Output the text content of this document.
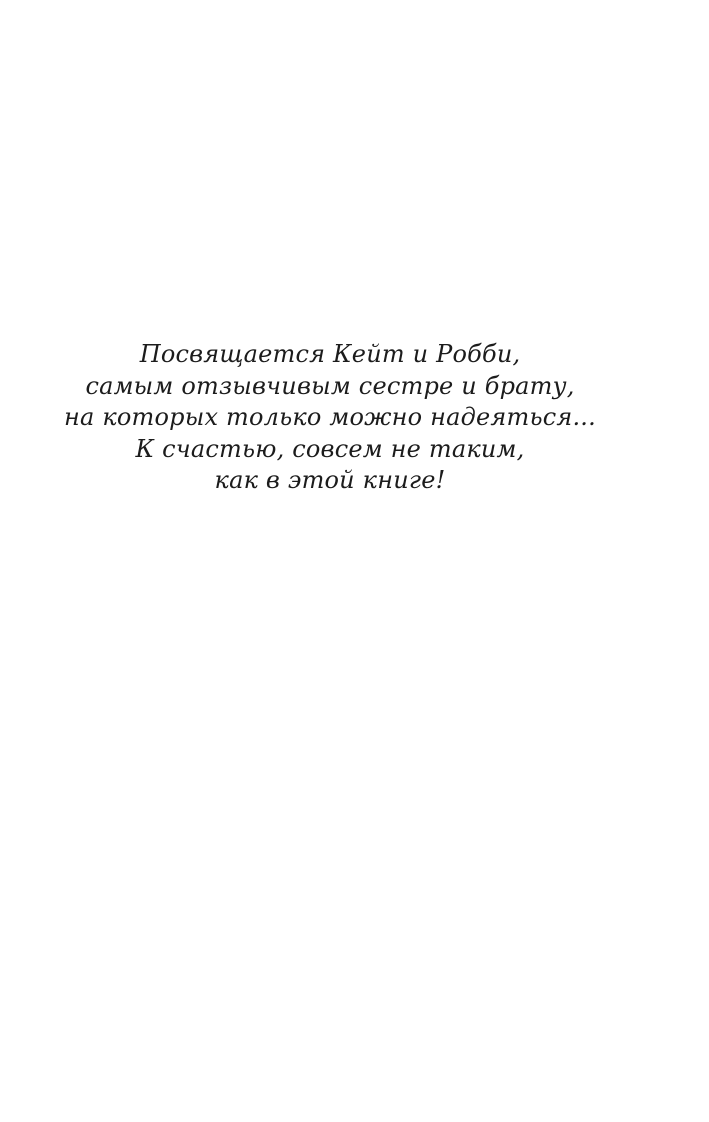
Посвящается Кейт и Робби,
самым отзывчивым сестре и брату,
на которых только можно надеяться...
К счастью, совсем не таким,
как в этой книге!
